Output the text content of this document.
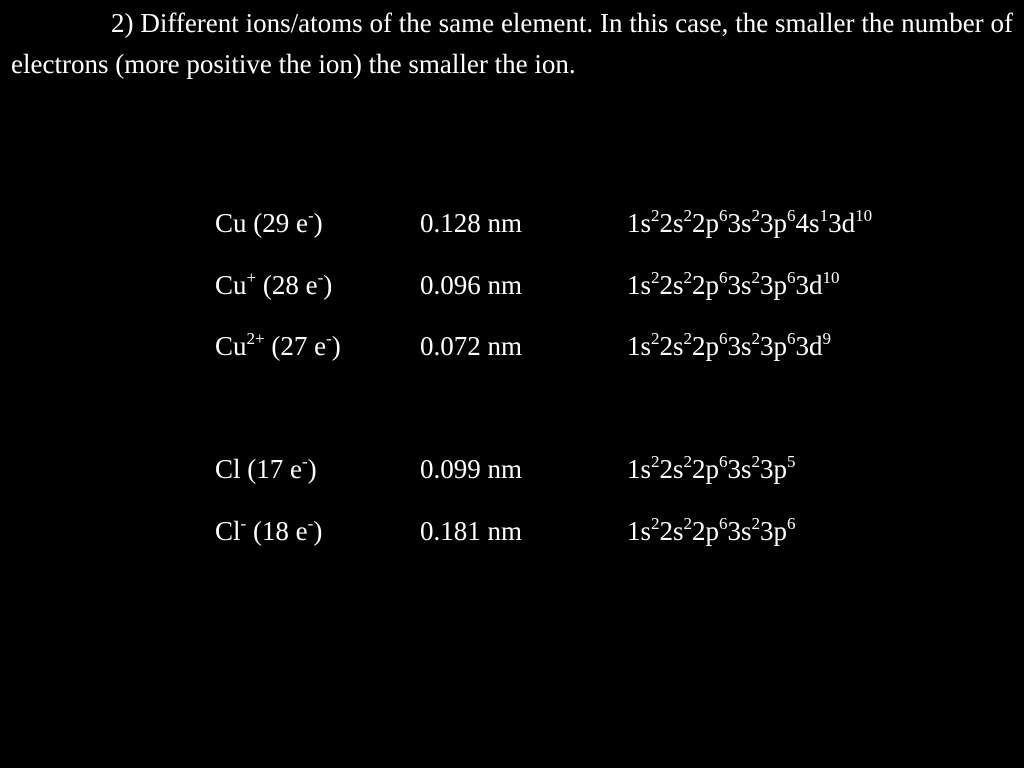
2) Different ions/atoms of the same element. In this case, the smaller the number of electrons (more positive the ion) the smaller the ion.

Cu (29 e-)	0.128 nm	$1s^22s^22p^63s^23p^64s^13d^{10}$
Cu+ (28 e-)	0.096 nm	$1s^22s^22p^63s^23p^63d^{10}$
$Cu^{2+}$ (27 e-)	0.072 nm	$1s^22s^22p^63s^23p^63d^9$
Cl (17 e-)	0.099 nm	$1s^22s^22p^63s^23p^5$
Cl- (18 e-)	0.181 nm	$1s^22s^22p^63s^23p^6$
